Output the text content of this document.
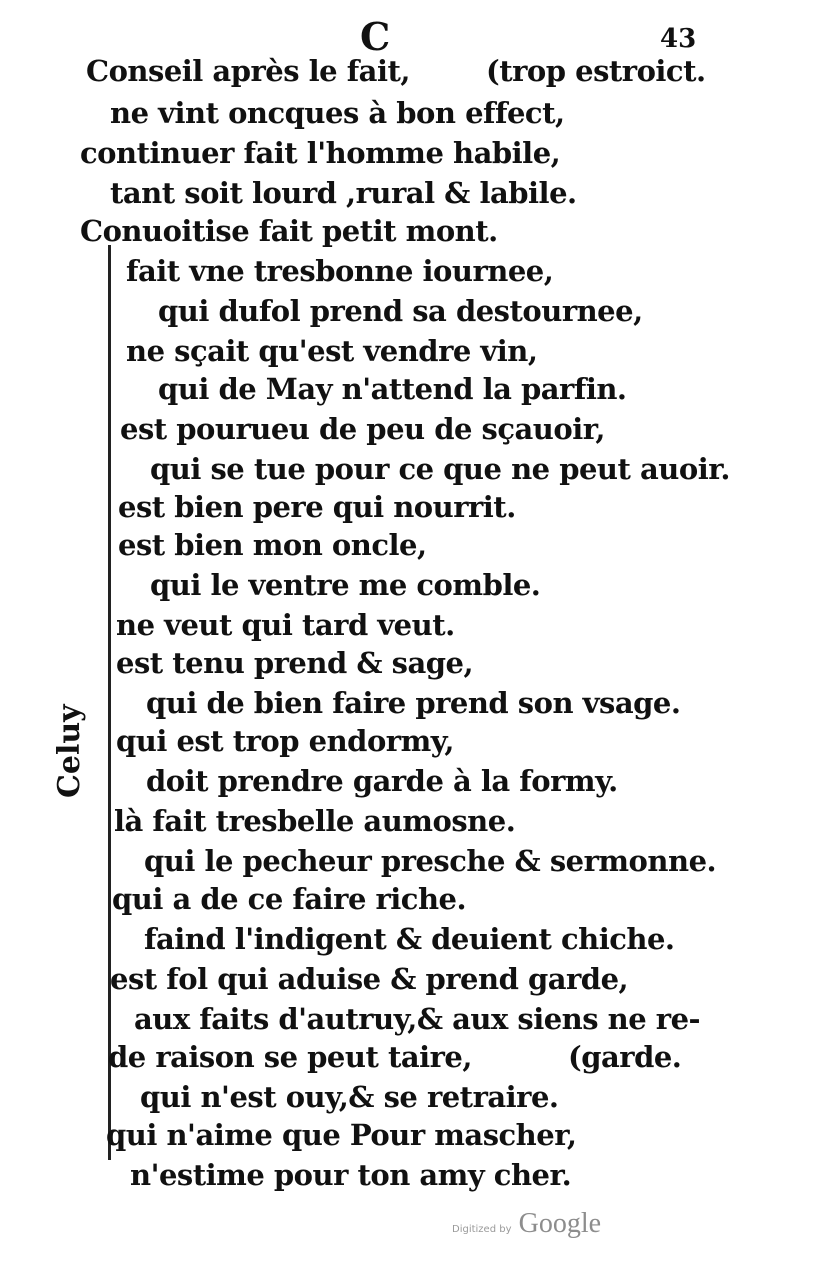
C	43
Celuy
Conseil après le fait,	(trop estroict.
ne vint oncques à bon effect,
continuer fait l'homme habile,
tant soit lourd ,rural & labile.
Conuoitise fait petit mont.
fait vne tresbonne iournee,
qui dufol prend sa destournee,
ne sçait qu'est vendre vin,
qui de May n'attend la parfin.
est pourueu de peu de sçauoir,
qui se tue pour ce que ne peut auoir.
est bien pere qui nourrit.
est bien mon oncle,
qui le ventre me comble.
ne veut qui tard veut.
est tenu prend & sage,
qui de bien faire prend son vsage.
qui est trop endormy,
doit prendre garde à la formy.
là fait tresbelle aumosne.
qui le pecheur presche & sermonne.
qui a de ce faire riche.
faind l'indigent & deuient chiche.
est fol qui aduise & prend garde,
aux faits d'autruy,& aux siens ne re-
de raison se peut taire,	(garde.
qui n'est ouy,& se retraire.
qui n'aime que Pour mascher,
n'estime pour ton amy cher.
Digitized by Google
